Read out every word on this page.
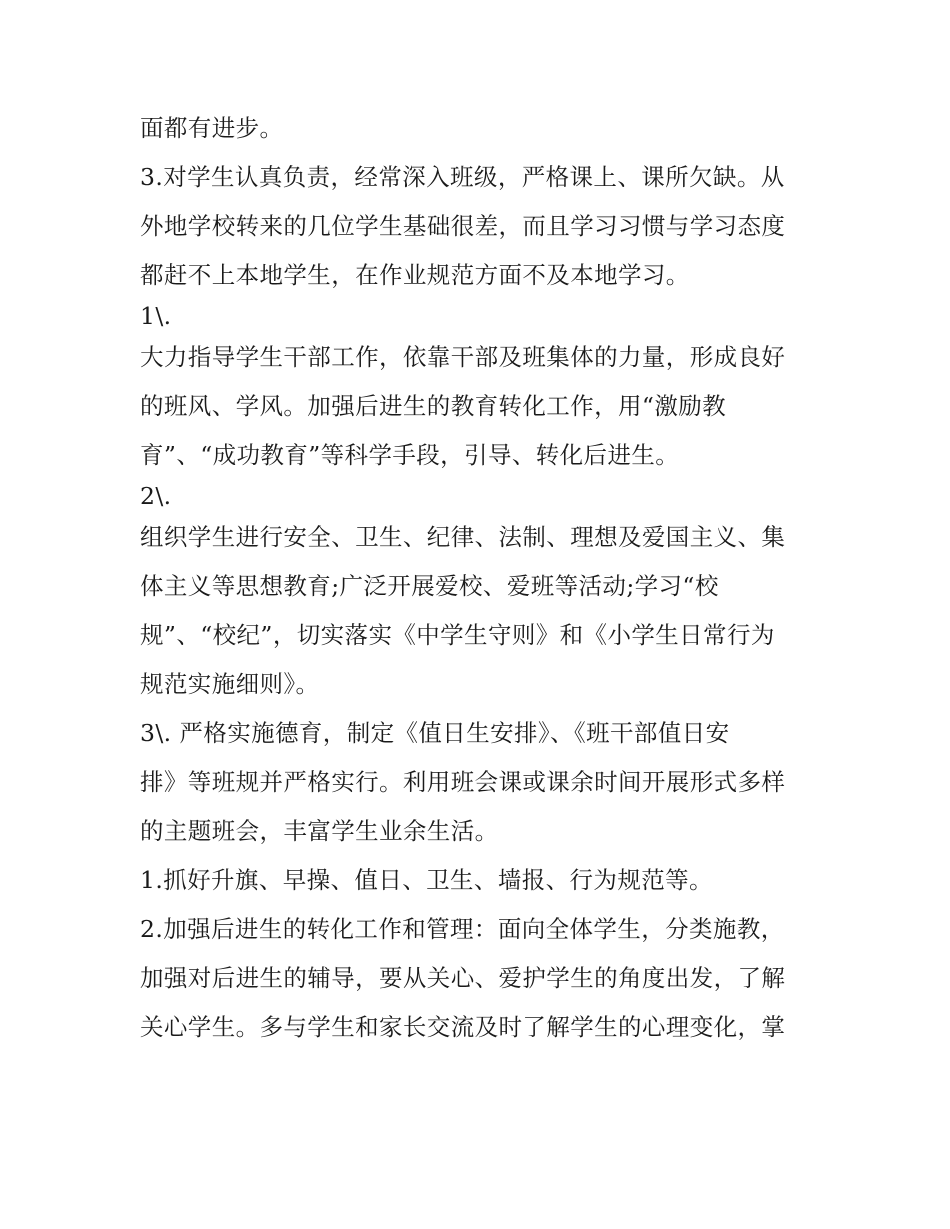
面都有进步。
3.对学生认真负责，经常深入班级，严格课上、课所欠缺。从
外地学校转来的几位学生基础很差，而且学习习惯与学习态度
都赶不上本地学生，在作业规范方面不及本地学习。
1\.
大力指导学生干部工作，依靠干部及班集体的力量，形成良好
的班风、学风。加强后进生的教育转化工作，用“激励教
育”、“成功教育”等科学手段，引导、转化后进生。
2\.
组织学生进行安全、卫生、纪律、法制、理想及爱国主义、集
体主义等思想教育;广泛开展爱校、爱班等活动;学习“校
规”、“校纪”，切实落实《中学生守则》和《小学生日常行为
规范实施细则》。
3\. 严格实施德育，制定《值日生安排》、《班干部值日安
排》等班规并严格实行。利用班会课或课余时间开展形式多样
的主题班会，丰富学生业余生活。
1.抓好升旗、早操、值日、卫生、墙报、行为规范等。
2.加强后进生的转化工作和管理：面向全体学生，分类施教，
加强对后进生的辅导，要从关心、爱护学生的角度出发，了解
关心学生。多与学生和家长交流及时了解学生的心理变化，掌
